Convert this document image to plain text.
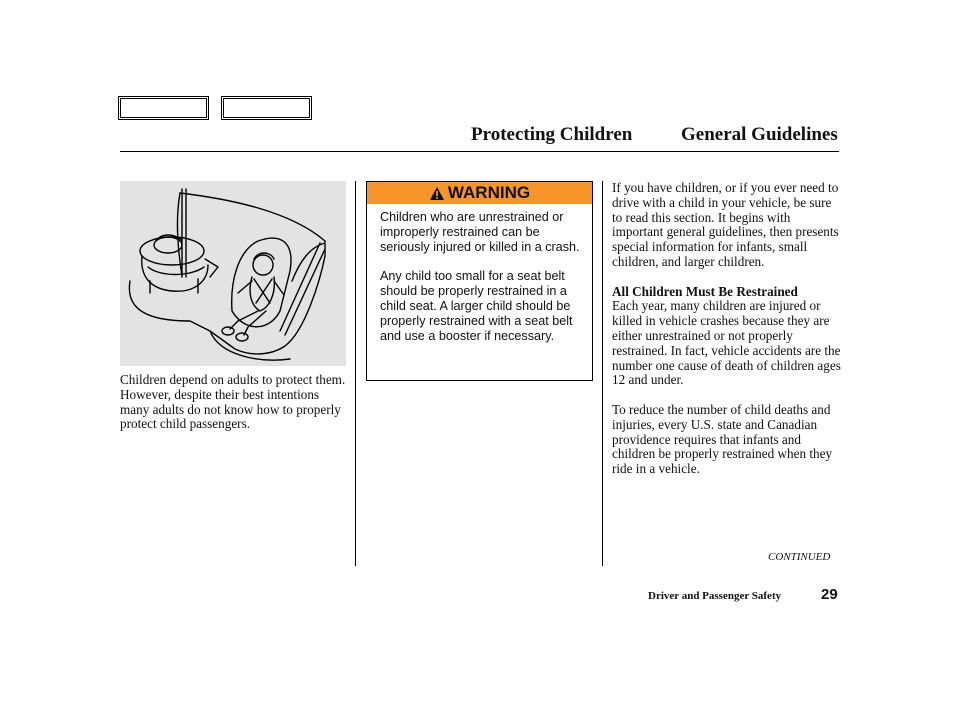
Protecting Children	General Guidelines
Children depend on adults to protect them. However, despite their best intentions many adults do not know how to properly protect child passengers.
WARNING

Children who are unrestrained or improperly restrained can be seriously injured or killed in a crash.

Any child too small for a seat belt should be properly restrained in a child seat. A larger child should be properly restrained with a seat belt and use a booster if necessary.

If you have children, or if you ever need to drive with a child in your vehicle, be sure to read this section. It begins with important general guidelines, then presents special information for infants, small children, and larger children.

All Children Must Be Restrained

Each year, many children are injured or killed in vehicle crashes because they are either unrestrained or not properly restrained. In fact, vehicle accidents are the number one cause of death of children ages 12 and under.

To reduce the number of child deaths and injuries, every U.S. state and Canadian providence requires that infants and children be properly restrained when they ride in a vehicle.

CONTINUED
Driver and Passenger Safety	29
